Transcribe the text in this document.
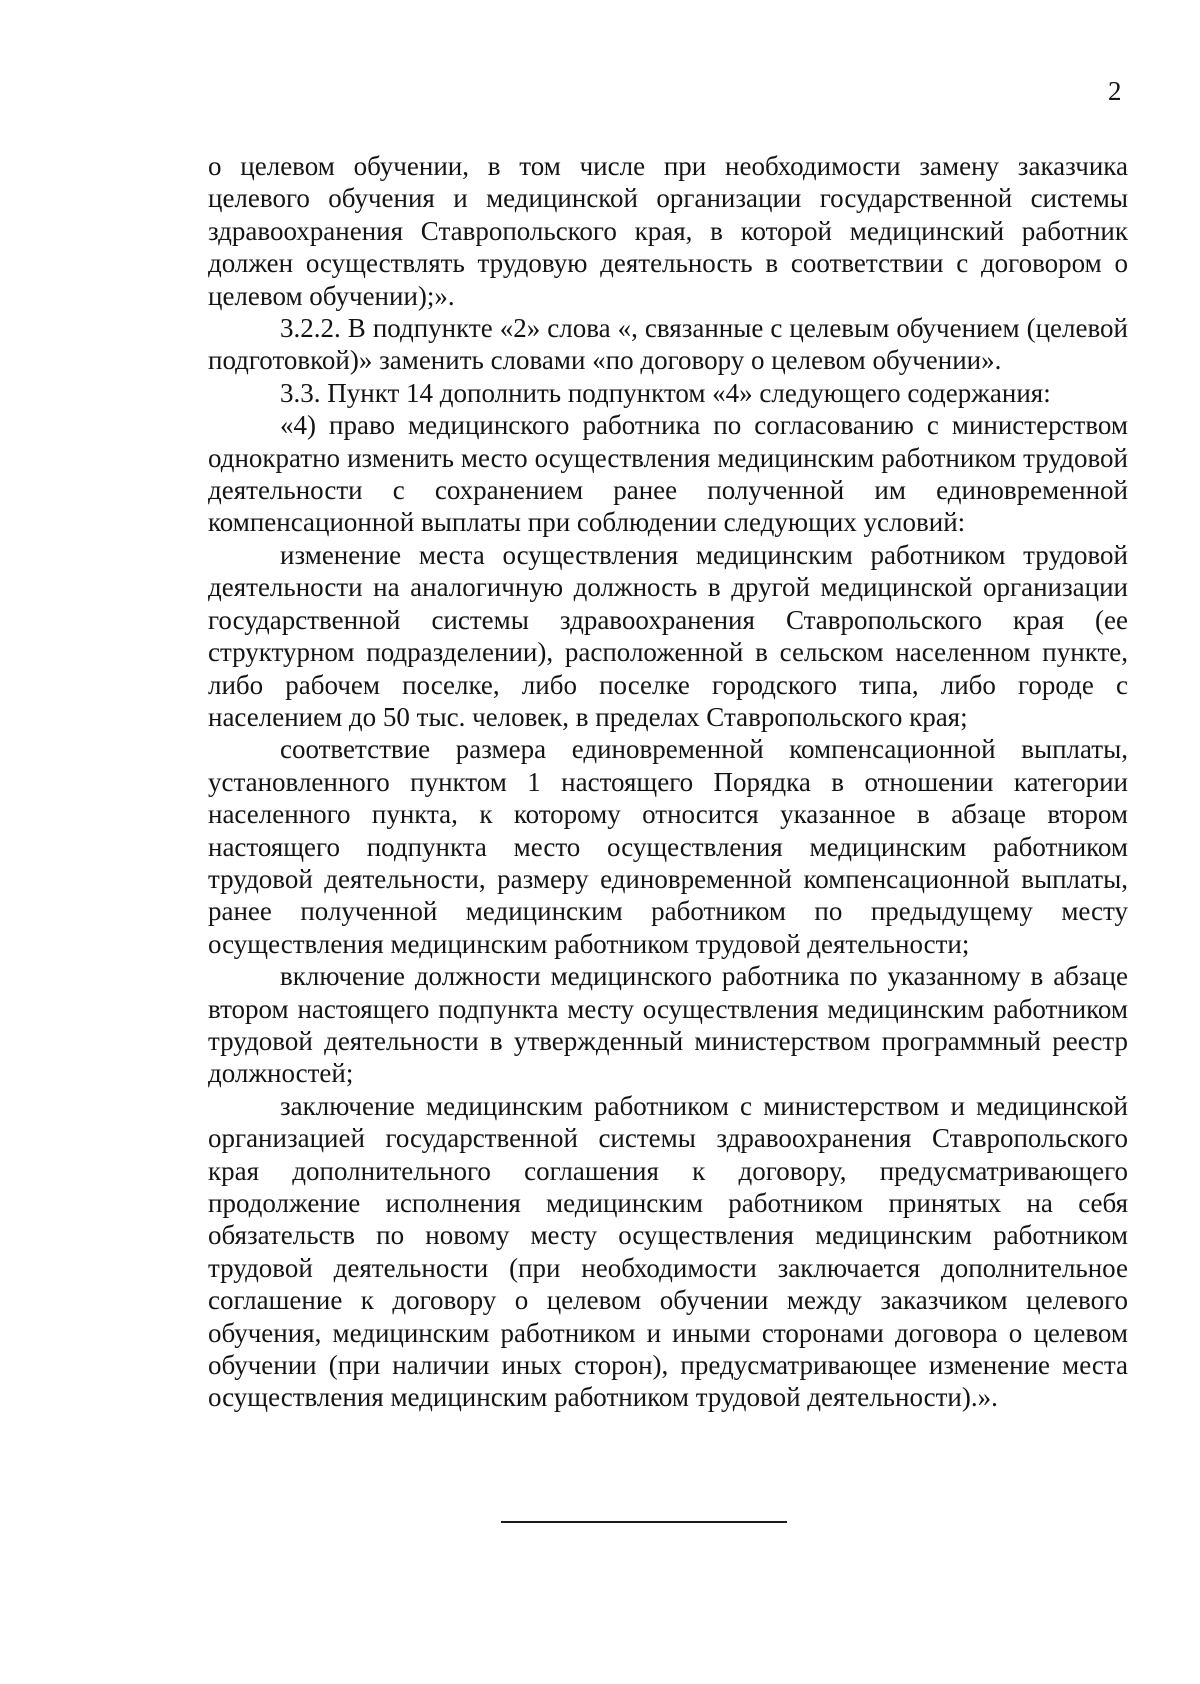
2

о целевом обучении, в том числе при необходимости замену заказчика целевого обучения и медицинской организации государственной системы здравоохранения Ставропольского края, в которой медицинский работник должен осуществлять трудовую деятельность в соответствии с договором о целевом обучении);».

3.2.2. В подпункте «2» слова «, связанные с целевым обучением (целевой подготовкой)» заменить словами «по договору о целевом обучении».

3.3. Пункт 14 дополнить подпунктом «4» следующего содержания:

«4) право медицинского работника по согласованию с министерством однократно изменить место осуществления медицинским работником трудовой деятельности с сохранением ранее полученной им единовременной компенсационной выплаты при соблюдении следующих условий:

изменение места осуществления медицинским работником трудовой деятельности на аналогичную должность в другой медицинской организации государственной системы здравоохранения Ставропольского края (ее структурном подразделении), расположенной в сельском населенном пункте, либо рабочем поселке, либо поселке городского типа, либо городе с населением до 50 тыс. человек, в пределах Ставропольского края;

соответствие размера единовременной компенсационной выплаты, установленного пунктом 1 настоящего Порядка в отношении категории населенного пункта, к которому относится указанное в абзаце втором настоящего подпункта место осуществления медицинским работником трудовой деятельности, размеру единовременной компенсационной выплаты, ранее полученной медицинским работником по предыдущему месту осуществления медицинским работником трудовой деятельности;

включение должности медицинского работника по указанному в абзаце втором настоящего подпункта месту осуществления медицинским работником трудовой деятельности в утвержденный министерством программный реестр должностей;

заключение медицинским работником с министерством и медицинской организацией государственной системы здравоохранения Ставропольского края дополнительного соглашения к договору, предусматривающего продолжение исполнения медицинским работником принятых на себя обязательств по новому месту осуществления медицинским работником трудовой деятельности (при необходимости заключается дополнительное соглашение к договору о целевом обучении между заказчиком целевого обучения, медицинским работником и иными сторонами договора о целевом обучении (при наличии иных сторон), предусматривающее изменение места осуществления медицинским работником трудовой деятельности).».
